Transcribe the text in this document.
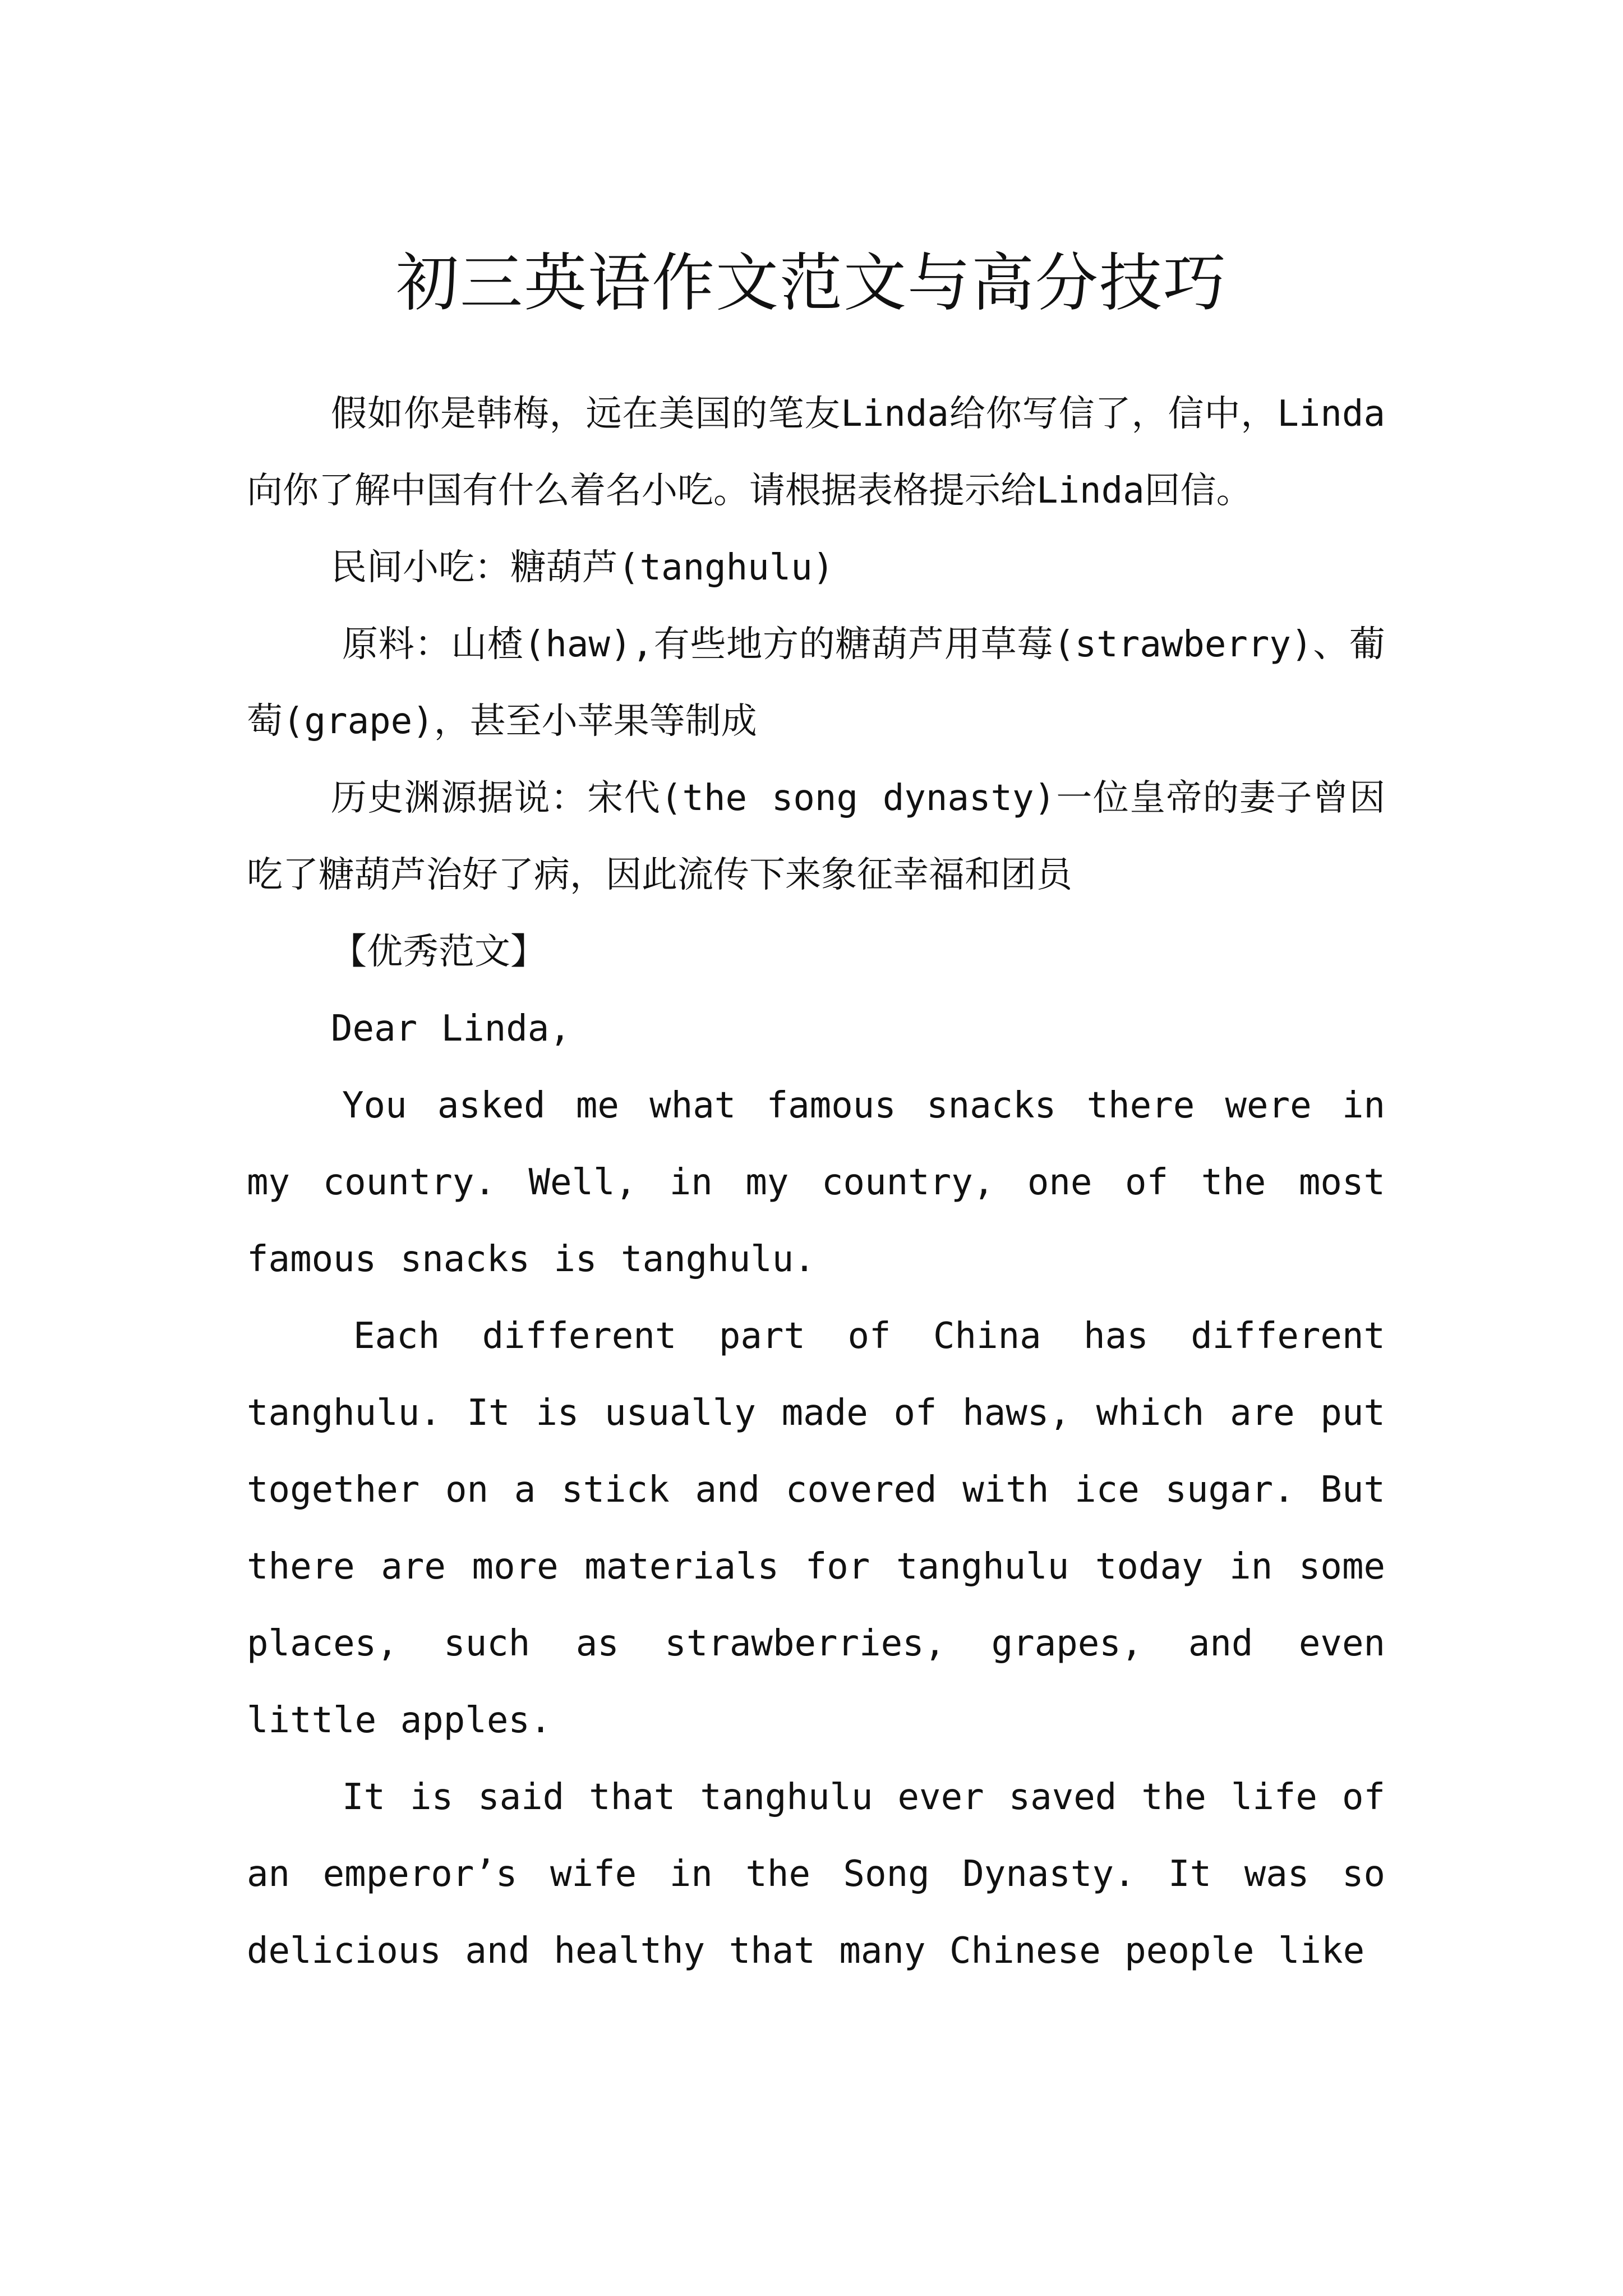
初三英语作文范文与高分技巧

假如你是韩梅，远在美国的笔友Linda给你写信了，信中，Linda向你了解中国有什么着名小吃。请根据表格提示给Linda回信。

民间小吃：糖葫芦(tanghulu)

原料：山楂(haw),有些地方的糖葫芦用草莓(strawberry)、葡萄(grape)，甚至小苹果等制成

历史渊源据说：宋代(the song dynasty)一位皇帝的妻子曾因吃了糖葫芦治好了病，因此流传下来象征幸福和团员

【优秀范文】

Dear Linda,

You asked me what famous snacks there were in my country. Well, in my country, one of the most famous snacks is tanghulu.

Each different part of China has different tanghulu. It is usually made of haws, which are put together on a stick and covered with ice sugar. But there are more materials for tanghulu today in some places, such as strawberries, grapes, and even little apples.

It is said that tanghulu ever saved the life of an emperor’s wife in the Song Dynasty. It was so delicious and healthy that many Chinese people like
